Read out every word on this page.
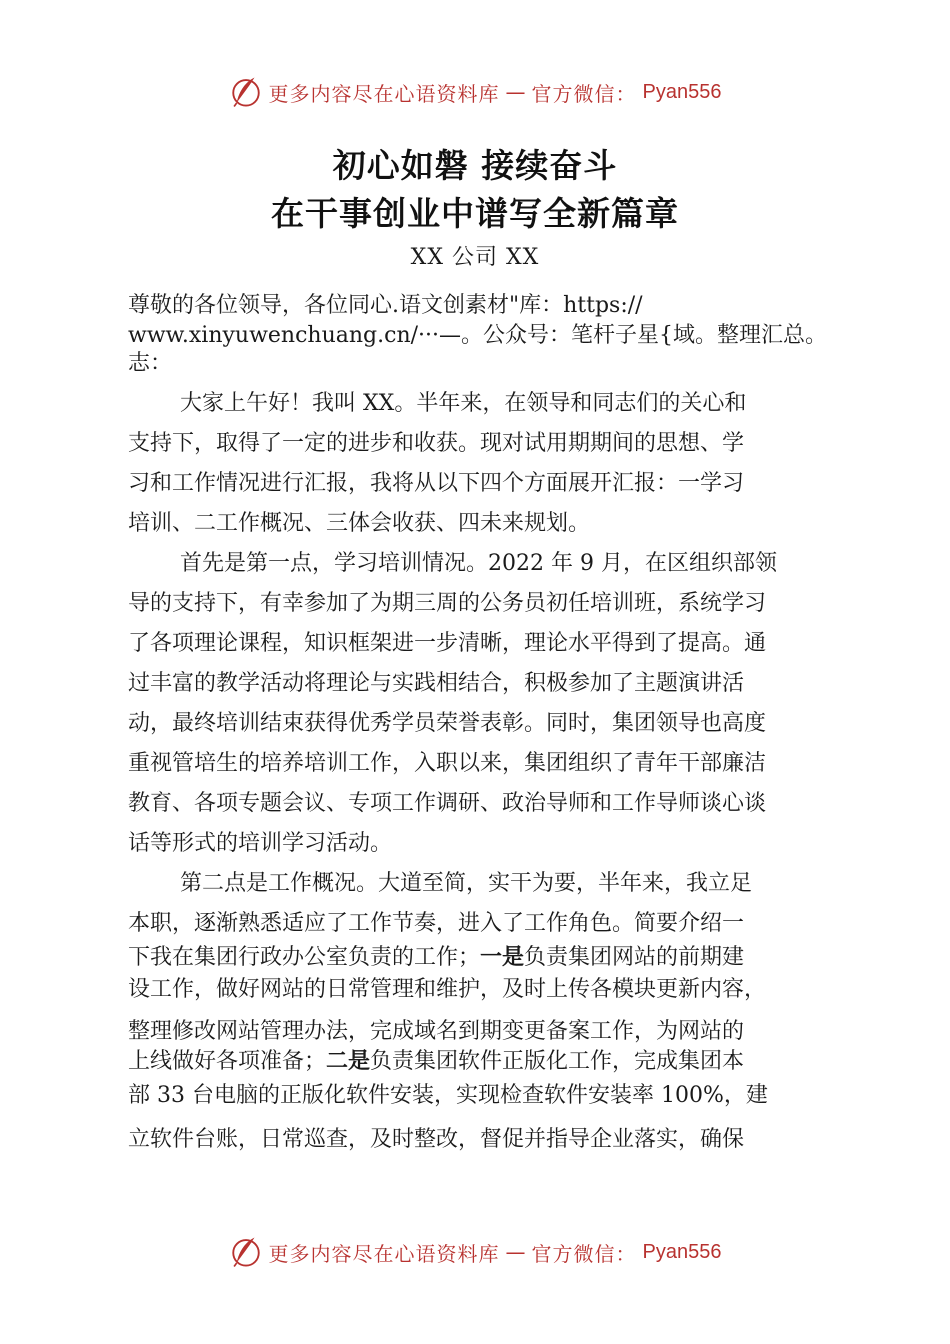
更多内容尽在心语资料库 — 官方微信： Pyan556
初心如磐 接续奋斗
在干事创业中谱写全新篇章
XX 公司 XX
尊敬的各位领导，各位同心.语文创素材"库：https://
www.xinyuwenchuang.cn/···—。公众号：笔杆子星{域。整理汇总。
志：
大家上午好！我叫 XX。半年来，在领导和同志们的关心和
支持下，取得了一定的进步和收获。现对试用期期间的思想、学
习和工作情况进行汇报，我将从以下四个方面展开汇报：一学习
培训、二工作概况、三体会收获、四未来规划。
首先是第一点，学习培训情况。2022 年 9 月，在区组织部领
导的支持下，有幸参加了为期三周的公务员初任培训班，系统学习
了各项理论课程，知识框架进一步清晰，理论水平得到了提高。通
过丰富的教学活动将理论与实践相结合，积极参加了主题演讲活
动，最终培训结束获得优秀学员荣誉表彰。同时，集团领导也高度
重视管培生的培养培训工作，入职以来，集团组织了青年干部廉洁
教育、各项专题会议、专项工作调研、政治导师和工作导师谈心谈
话等形式的培训学习活动。
第二点是工作概况。大道至简，实干为要，半年来，我立足
本职，逐渐熟悉适应了工作节奏，进入了工作角色。简要介绍一
下我在集团行政办公室负责的工作；一是负责集团网站的前期建
设工作，做好网站的日常管理和维护，及时上传各模块更新内容，
整理修改网站管理办法，完成域名到期变更备案工作，为网站的
上线做好各项准备；二是负责集团软件正版化工作，完成集团本
部 33 台电脑的正版化软件安装，实现检查软件安装率 100%，建
立软件台账，日常巡查，及时整改，督促并指导企业落实，确保
更多内容尽在心语资料库 — 官方微信： Pyan556
